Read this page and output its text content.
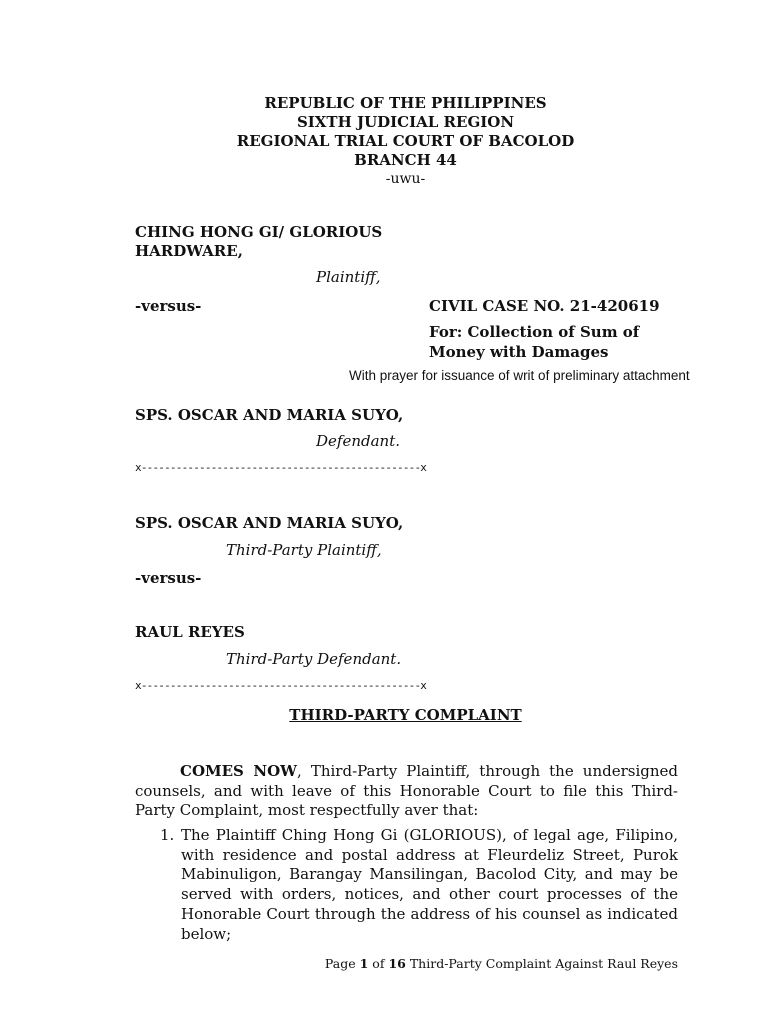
REPUBLIC OF THE PHILIPPINES
SIXTH JUDICIAL REGION
REGIONAL TRIAL COURT OF BACOLOD
BRANCH 44
-uwu-
CHING HONG GI/ GLORIOUS
HARDWARE,
Plaintiff,
-versus-	CIVIL CASE NO. 21-420619
For: Collection of Sum of
Money with Damages
With prayer for issuance of writ of preliminary attachment
SPS. OSCAR AND MARIA SUYO,
Defendant.
x------------------------------------------------x
SPS. OSCAR AND MARIA SUYO,
Third-Party Plaintiff,
-versus-
RAUL REYES
Third-Party Defendant.
x------------------------------------------------x
THIRD-PARTY COMPLAINT
COMES NOW, Third-Party Plaintiff, through the undersigned counsels, and with leave of this Honorable Court to file this Third-Party Complaint, most respectfully aver that:
1. The Plaintiff Ching Hong Gi (GLORIOUS), of legal age, Filipino, with residence and postal address at Fleurdeliz Street, Purok Mabinuligon, Barangay Mansilingan, Bacolod City, and may be served with orders, notices, and other court processes of the Honorable Court through the address of his counsel as indicated below;
Page 1 of 16 Third-Party Complaint Against Raul Reyes
